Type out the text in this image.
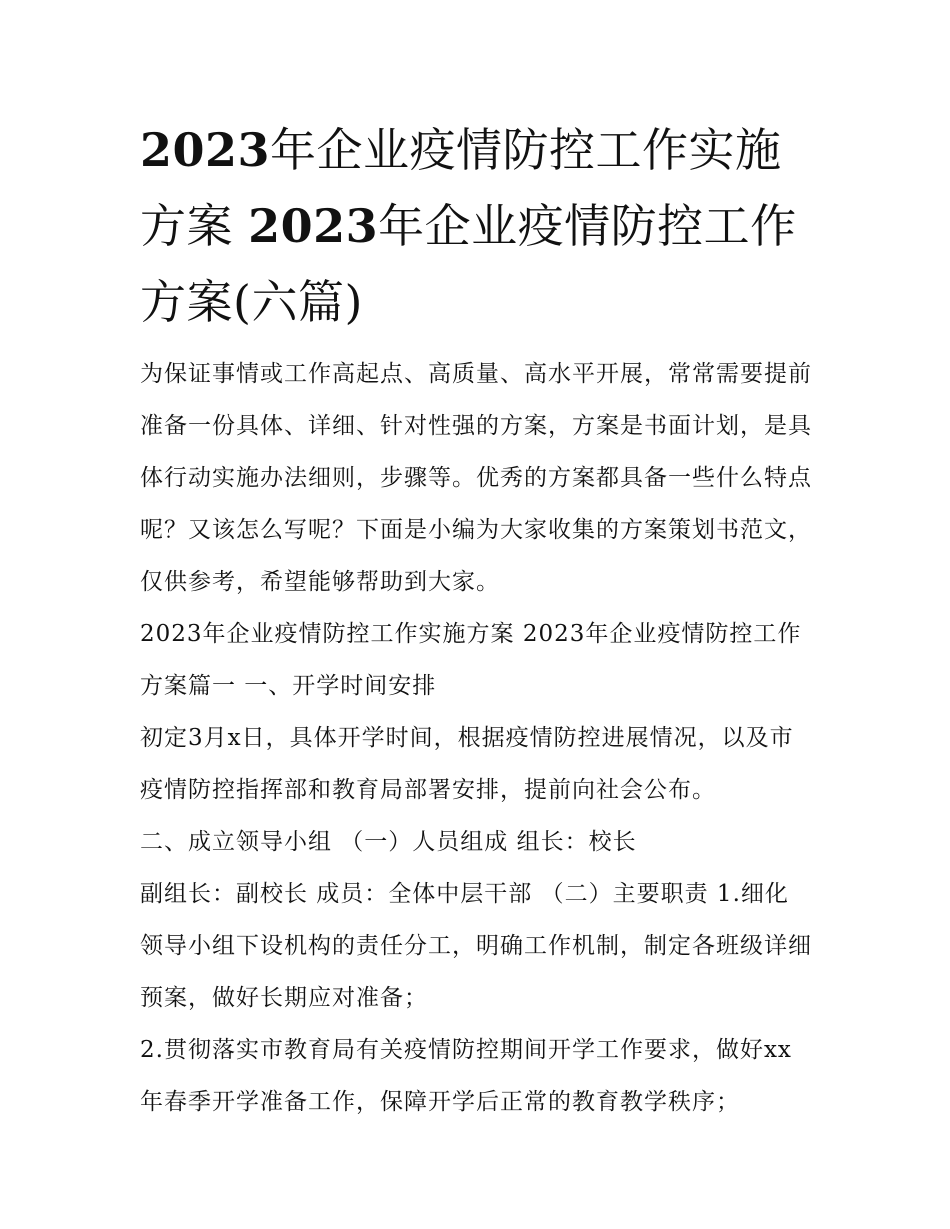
2023年企业疫情防控工作实施方案 2023年企业疫情防控工作方案(六篇)

为保证事情或工作高起点、高质量、高水平开展，常常需要提前准备一份具体、详细、针对性强的方案，方案是书面计划，是具体行动实施办法细则，步骤等。优秀的方案都具备一些什么特点呢？又该怎么写呢？下面是小编为大家收集的方案策划书范文，仅供参考，希望能够帮助到大家。

2023年企业疫情防控工作实施方案 2023年企业疫情防控工作方案篇一 一、开学时间安排

初定3月x日，具体开学时间，根据疫情防控进展情况，以及市疫情防控指挥部和教育局部署安排，提前向社会公布。

二、成立领导小组 （一）人员组成 组长：校长

副组长：副校长 成员：全体中层干部 （二）主要职责 1.细化领导小组下设机构的责任分工，明确工作机制，制定各班级详细预案，做好长期应对准备；

2.贯彻落实市教育局有关疫情防控期间开学工作要求，做好xx年春季开学准备工作，保障开学后正常的教育教学秩序；
